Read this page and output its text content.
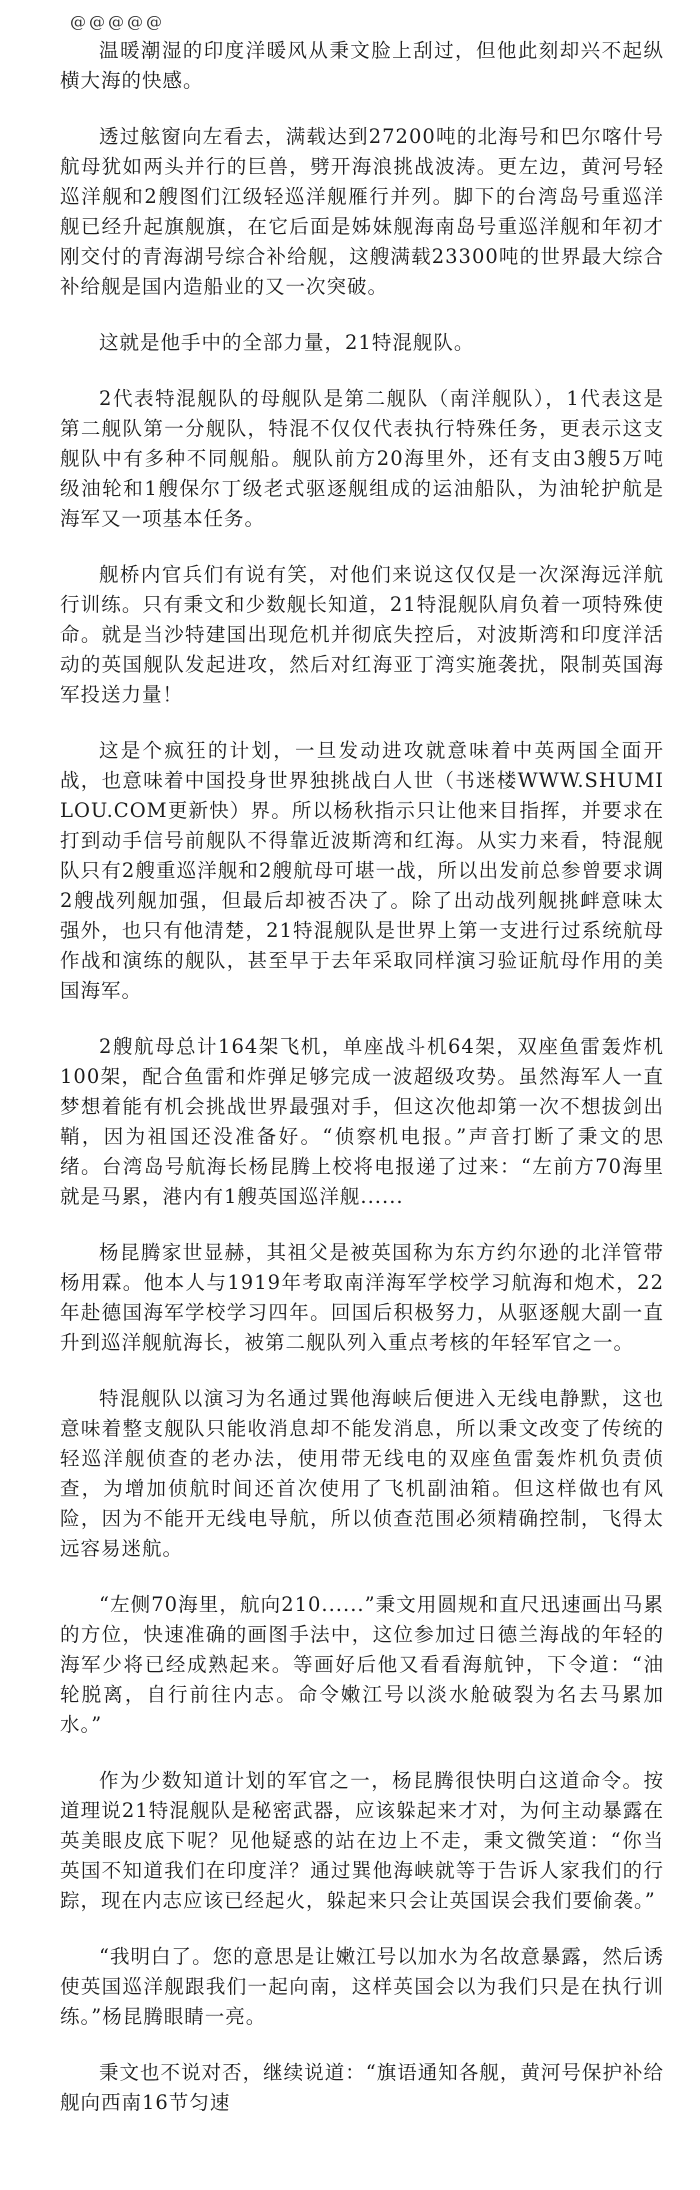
@@@@@

温暖潮湿的印度洋暖风从秉文脸上刮过，但他此刻却兴不起纵横大海的快感。

透过舷窗向左看去，满载达到27200吨的北海号和巴尔喀什号航母犹如两头并行的巨兽，劈开海浪挑战波涛。更左边，黄河号轻巡洋舰和2艘图们江级轻巡洋舰雁行并列。脚下的台湾岛号重巡洋舰已经升起旗舰旗，在它后面是姊妹舰海南岛号重巡洋舰和年初才刚交付的青海湖号综合补给舰，这艘满载23300吨的世界最大综合补给舰是国内造船业的又一次突破。

这就是他手中的全部力量，21特混舰队。

2代表特混舰队的母舰队是第二舰队（南洋舰队），1代表这是第二舰队第一分舰队，特混不仅仅代表执行特殊任务，更表示这支舰队中有多种不同舰船。舰队前方20海里外，还有支由3艘5万吨级油轮和1艘保尔丁级老式驱逐舰组成的运油船队，为油轮护航是海军又一项基本任务。

舰桥内官兵们有说有笑，对他们来说这仅仅是一次深海远洋航行训练。只有秉文和少数舰长知道，21特混舰队肩负着一项特殊使命。就是当沙特建国出现危机并彻底失控后，对波斯湾和印度洋活动的英国舰队发起进攻，然后对红海亚丁湾实施袭扰，限制英国海军投送力量！

这是个疯狂的计划，一旦发动进攻就意味着中英两国全面开战，也意味着中国投身世界独挑战白人世（书迷楼WWW.SHUMILOU.COM更新快）界。所以杨秋指示只让他来目指挥，并要求在打到动手信号前舰队不得靠近波斯湾和红海。从实力来看，特混舰队只有2艘重巡洋舰和2艘航母可堪一战，所以出发前总参曾要求调2艘战列舰加强，但最后却被否决了。除了出动战列舰挑衅意味太强外，也只有他清楚，21特混舰队是世界上第一支进行过系统航母作战和演练的舰队，甚至早于去年采取同样演习验证航母作用的美国海军。

2艘航母总计164架飞机，单座战斗机64架，双座鱼雷轰炸机100架，配合鱼雷和炸弹足够完成一波超级攻势。虽然海军人一直梦想着能有机会挑战世界最强对手，但这次他却第一次不想拔剑出鞘，因为祖国还没准备好。“侦察机电报。”声音打断了秉文的思绪。台湾岛号航海长杨昆腾上校将电报递了过来：“左前方70海里就是马累，港内有1艘英国巡洋舰......

杨昆腾家世显赫，其祖父是被英国称为东方约尔逊的北洋管带杨用霖。他本人与1919年考取南洋海军学校学习航海和炮术，22年赴德国海军学校学习四年。回国后积极努力，从驱逐舰大副一直升到巡洋舰航海长，被第二舰队列入重点考核的年轻军官之一。

特混舰队以演习为名通过巽他海峡后便进入无线电静默，这也意味着整支舰队只能收消息却不能发消息，所以秉文改变了传统的轻巡洋舰侦查的老办法，使用带无线电的双座鱼雷轰炸机负责侦查，为增加侦航时间还首次使用了飞机副油箱。但这样做也有风险，因为不能开无线电导航，所以侦查范围必须精确控制，飞得太远容易迷航。

“左侧70海里，航向210......”秉文用圆规和直尺迅速画出马累的方位，快速准确的画图手法中，这位参加过日德兰海战的年轻的海军少将已经成熟起来。等画好后他又看看海航钟，下令道：“油轮脱离，自行前往内志。命令嫩江号以淡水舱破裂为名去马累加水。”

作为少数知道计划的军官之一，杨昆腾很快明白这道命令。按道理说21特混舰队是秘密武器，应该躲起来才对，为何主动暴露在英美眼皮底下呢？见他疑惑的站在边上不走，秉文微笑道：“你当英国不知道我们在印度洋？通过巽他海峡就等于告诉人家我们的行踪，现在内志应该已经起火，躲起来只会让英国误会我们要偷袭。”

“我明白了。您的意思是让嫩江号以加水为名故意暴露，然后诱使英国巡洋舰跟我们一起向南，这样英国会以为我们只是在执行训练。”杨昆腾眼睛一亮。

秉文也不说对否，继续说道：“旗语通知各舰，黄河号保护补给舰向西南16节匀速
